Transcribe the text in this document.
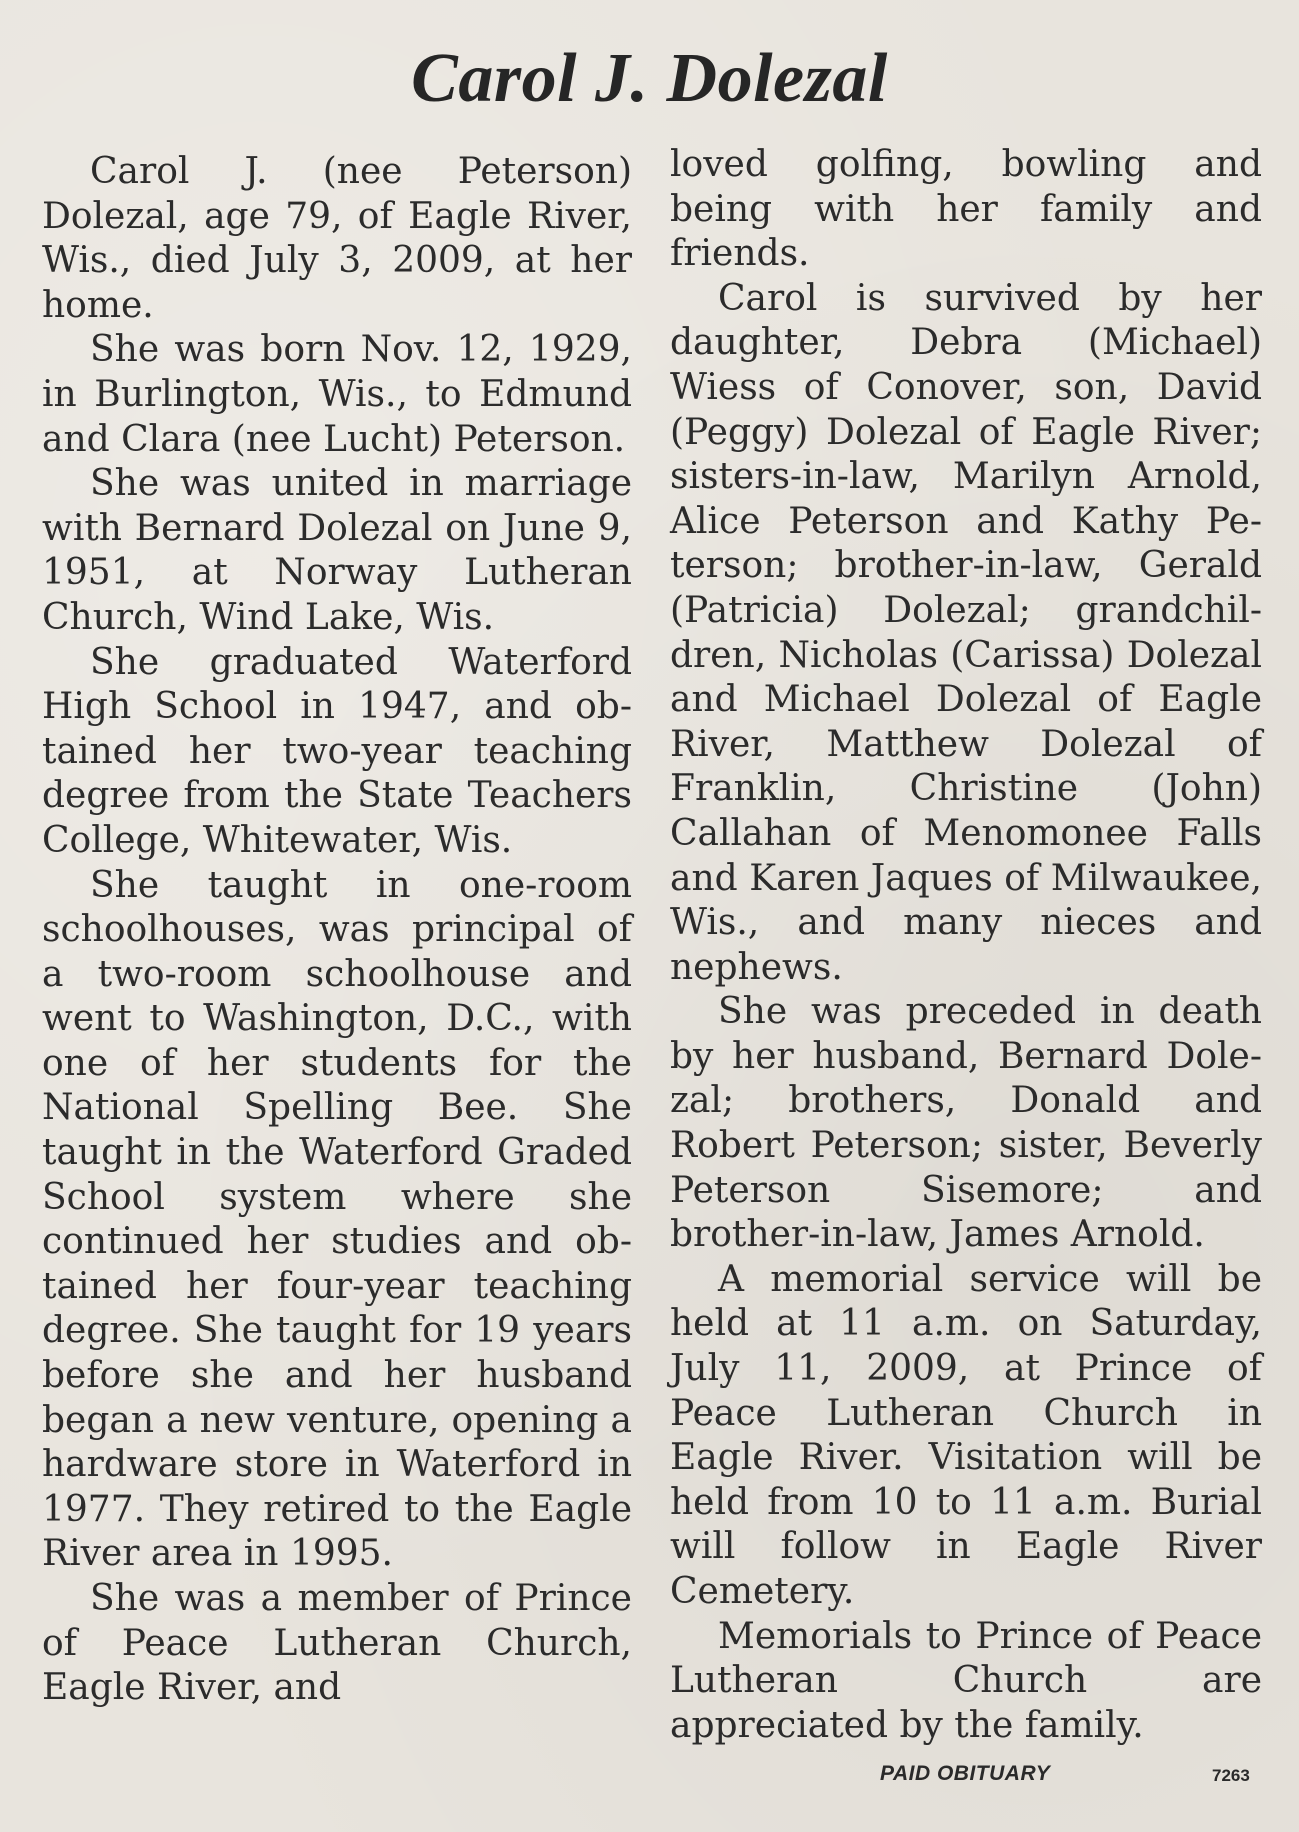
Carol J. Dolezal

Carol J. (nee Peterson) Dolezal, age 79, of Eagle River, Wis., died July 3, 2009, at her home.

She was born Nov. 12, 1929, in Burlington, Wis., to Edmund and Clara (nee Lucht) Peterson.

She was united in marriage with Bernard Dolezal on June 9, 1951, at Norway Lutheran Church, Wind Lake, Wis.

She graduated Waterford High School in 1947, and obtained her two-year teaching degree from the State Teachers College, Whitewater, Wis.

She taught in one-room schoolhouses, was principal of a two-room schoolhouse and went to Washington, D.C., with one of her students for the National Spelling Bee. She taught in the Waterford Graded School system where she continued her studies and obtained her four-year teaching degree. She taught for 19 years before she and her husband began a new venture, opening a hardware store in Waterford in 1977. They retired to the Eagle River area in 1995.

She was a member of Prince of Peace Lutheran Church, Eagle River, and

loved golfing, bowling and being with her family and friends.

Carol is survived by her daughter, Debra (Michael) Wiess of Conover, son, David (Peggy) Dolezal of Eagle River; sisters-in-law, Marilyn Arnold, Alice Peterson and Kathy Peterson; brother-in-law, Gerald (Patricia) Dolezal; grandchildren, Nicholas (Carissa) Dolezal and Michael Dolezal of Eagle River, Matthew Dolezal of Franklin, Christine (John) Callahan of Menomonee Falls and Karen Jaques of Milwaukee, Wis., and many nieces and nephews.

She was preceded in death by her husband, Bernard Dolezal; brothers, Donald and Robert Peterson; sister, Beverly Peterson Sisemore; and brother-in-law, James Arnold.

A memorial service will be held at 11 a.m. on Saturday, July 11, 2009, at Prince of Peace Lutheran Church in Eagle River. Visitation will be held from 10 to 11 a.m. Burial will follow in Eagle River Cemetery.

Memorials to Prince of Peace Lutheran Church are appreciated by the family.

PAID OBITUARY	7263
